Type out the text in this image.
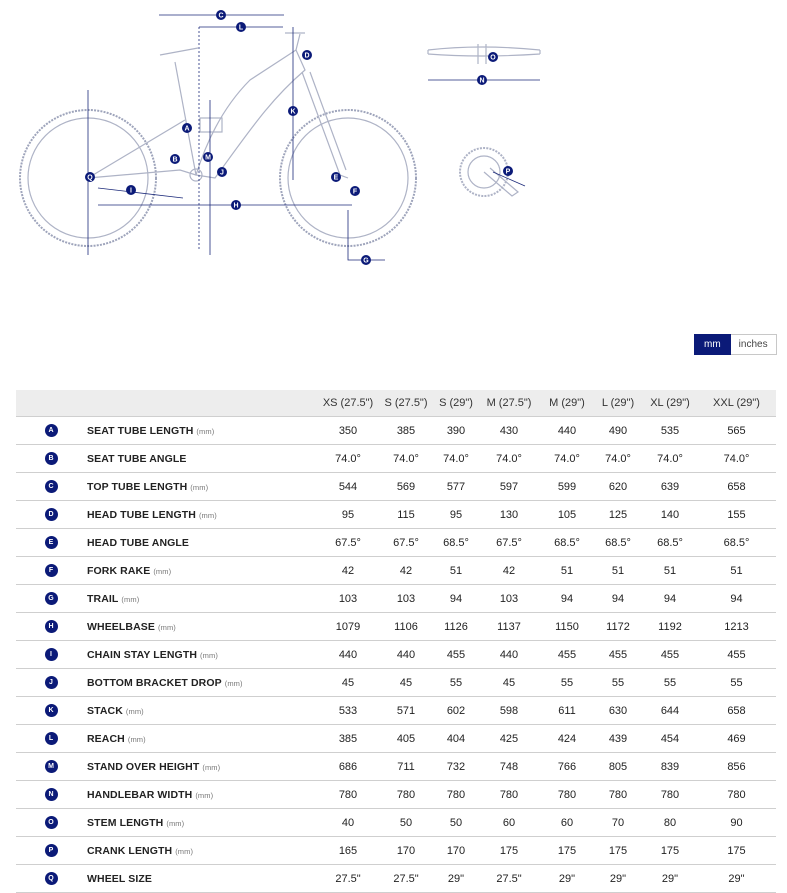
C
L
D
K
A
M
B
J
E
F
Q
I
H
G
O
N
P
mm	inches
		XS (27.5")	S (27.5")	S (29")	M (27.5")	M (29")	L (29")	XL (29")	XXL (29")
A	SEAT TUBE LENGTH (mm)	350	385	390	430	440	490	535	565
B	SEAT TUBE ANGLE	74.0°	74.0°	74.0°	74.0°	74.0°	74.0°	74.0°	74.0°
C	TOP TUBE LENGTH (mm)	544	569	577	597	599	620	639	658
D	HEAD TUBE LENGTH (mm)	95	115	95	130	105	125	140	155
E	HEAD TUBE ANGLE	67.5°	67.5°	68.5°	67.5°	68.5°	68.5°	68.5°	68.5°
F	FORK RAKE (mm)	42	42	51	42	51	51	51	51
G	TRAIL (mm)	103	103	94	103	94	94	94	94
H	WHEELBASE (mm)	1079	1106	1126	1137	1150	1172	1192	1213
I	CHAIN STAY LENGTH (mm)	440	440	455	440	455	455	455	455
J	BOTTOM BRACKET DROP (mm)	45	45	55	45	55	55	55	55
K	STACK (mm)	533	571	602	598	611	630	644	658
L	REACH (mm)	385	405	404	425	424	439	454	469
M	STAND OVER HEIGHT (mm)	686	711	732	748	766	805	839	856
N	HANDLEBAR WIDTH (mm)	780	780	780	780	780	780	780	780
O	STEM LENGTH (mm)	40	50	50	60	60	70	80	90
P	CRANK LENGTH (mm)	165	170	170	175	175	175	175	175
Q	WHEEL SIZE	27.5"	27.5"	29"	27.5"	29"	29"	29"	29"
